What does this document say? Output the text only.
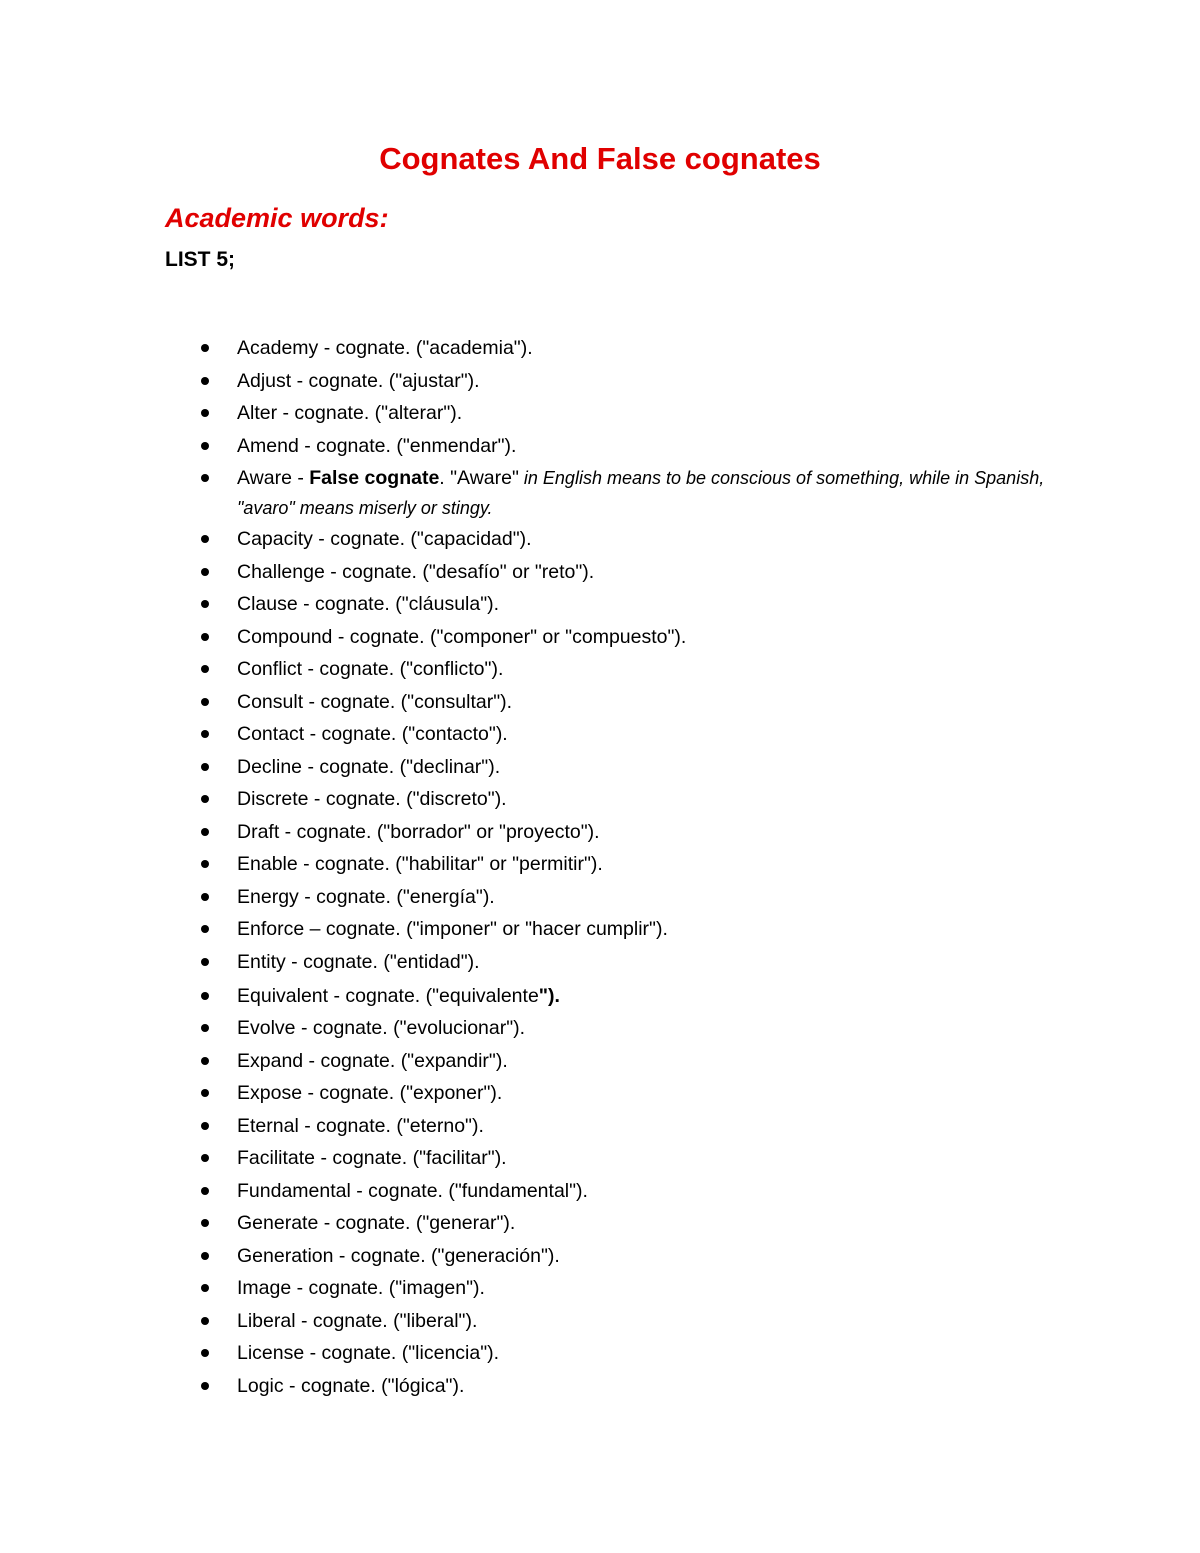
Cognates And False cognates
Academic words:
LIST 5;
Academy - cognate. ("academia").
Adjust - cognate. ("ajustar").
Alter - cognate. ("alterar").
Amend - cognate. ("enmendar").
Aware - False cognate. "Aware" in English means to be conscious of something, while in Spanish, "avaro" means miserly or stingy.
Capacity - cognate. ("capacidad").
Challenge - cognate. ("desafío" or "reto").
Clause - cognate. ("cláusula").
Compound - cognate. ("componer" or "compuesto").
Conflict - cognate. ("conflicto").
Consult - cognate. ("consultar").
Contact - cognate. ("contacto").
Decline - cognate. ("declinar").
Discrete - cognate. ("discreto").
Draft - cognate. ("borrador" or "proyecto").
Enable - cognate. ("habilitar" or "permitir").
Energy - cognate. ("energía").
Enforce – cognate. ("imponer" or "hacer cumplir").
Entity - cognate. ("entidad").
Equivalent - cognate. ("equivalente").
Evolve - cognate. ("evolucionar").
Expand - cognate. ("expandir").
Expose - cognate. ("exponer").
Eternal - cognate. ("eterno").
Facilitate - cognate. ("facilitar").
Fundamental - cognate. ("fundamental").
Generate - cognate. ("generar").
Generation - cognate. ("generación").
Image - cognate. ("imagen").
Liberal - cognate. ("liberal").
License - cognate. ("licencia").
Logic - cognate. ("lógica").
